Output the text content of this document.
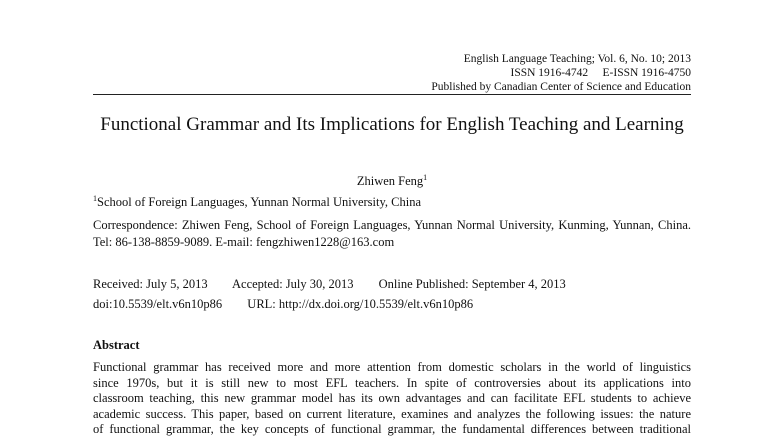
English Language Teaching; Vol. 6, No. 10; 2013
ISSN 1916-4742     E-ISSN 1916-4750
Published by Canadian Center of Science and Education
Functional Grammar and Its Implications for English Teaching and Learning
Zhiwen Feng$^1$
$^1$School of Foreign Languages, Yunnan Normal University, China
Correspondence: Zhiwen Feng, School of Foreign Languages, Yunnan Normal University, Kunming, Yunnan, China. Tel: 86-138-8859-9089. E-mail: fengzhiwen1228@163.com
Received: July 5, 2013 Accepted: July 30, 2013 Online Published: September 4, 2013
doi:10.5539/elt.v6n10p86 URL: http://dx.doi.org/10.5539/elt.v6n10p86
Abstract
Functional grammar has received more and more attention from domestic scholars in the world of linguistics
since 1970s, but it is still new to most EFL teachers. In spite of controversies about its applications into
classroom teaching, this new grammar model has its own advantages and can facilitate EFL students to achieve
academic success. This paper, based on current literature, examines and analyzes the following issues: the nature
of functional grammar, the key concepts of functional grammar, the fundamental differences between traditional
